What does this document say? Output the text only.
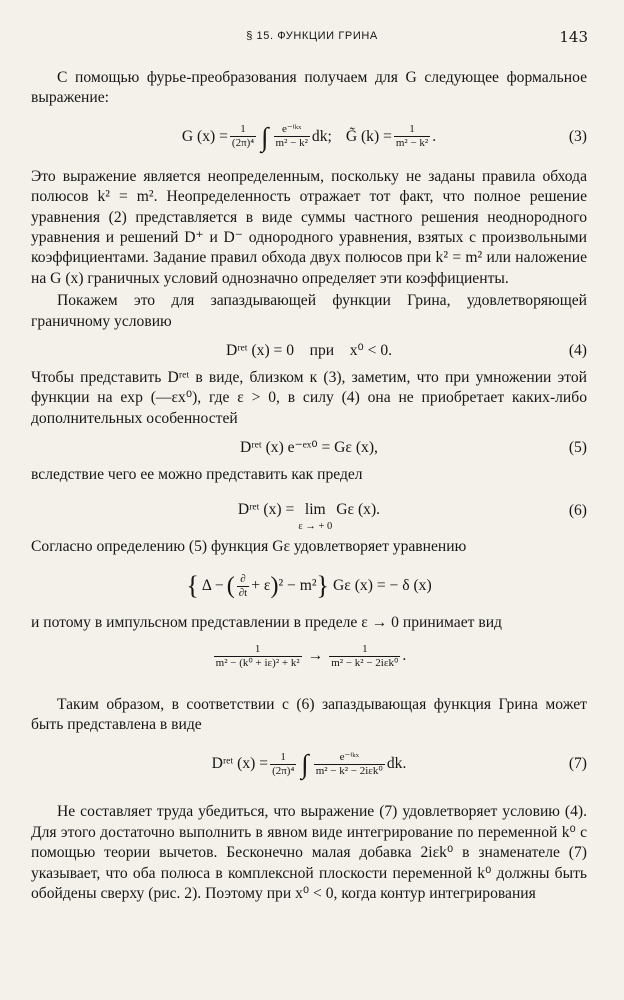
§ 15. ФУНКЦИИ ГРИНА	143

С помощью фурье-преобразования получаем для G следующее формальное выражение:

G $(x) = \frac{1}{\text{(2π)⁴}}$ ∫ $\frac{\text{e⁻ⁱᵏˣ}}{\text{m² − k²}}$ dk; G̃ $(k) = \frac{1}{\text{m² − k²}}$ .	(3)

Это выражение является неопределенным, поскольку не заданы правила обхода полюсов k² = m². Неопределенность отражает тот факт, что полное решение уравнения (2) представляется в виде суммы частного решения неоднородного уравнения и решений D⁺ и D⁻ однородного уравнения, взятых с произвольными коэффициентами. Задание правил обхода двух полюсов при k² = m² или наложение на G (x) граничных условий однозначно определяет эти коэффициенты.

Покажем это для запаздывающей функции Грина, удовлетворяющей граничному условию

Dʳᵉᵗ (x) = 0    при    x⁰ < 0.	(4)

Чтобы представить Dʳᵉᵗ в виде, близком к (3), заметим, что при умножении этой функции на exp (—εx⁰), где ε > 0, в силу (4) она не приобретает каких-либо дополнительных особенностей

Dʳᵉᵗ (x) e⁻ᵉˣ⁰ = Gε (x),	(5)

вследствие чего ее можно представить как предел

Dʳᵉᵗ (x) = lim
ε → + 0
Gε (x).	(6)

Согласно определению (5) функция Gε удовлетворяет уравнению

{ Δ − ( $\frac{\partial}{\partial t} + \varepsilon$ ) ² − m² } Gε (x) = − δ (x)

и потому в импульсном представлении в пределе ε → 0 принимает вид

$\frac{1}{\text{m² − (k⁰ + iε)² + k²}} \to \frac{1}{\text{m² − k² − 2iεk⁰}}$ .

Таким образом, в соответствии с (6) запаздывающая функция Грина может быть представлена в виде

Dʳᵉᵗ $(x) = \frac{1}{\text{(2π)⁴}}$ ∫ $\frac{\text{e⁻ⁱᵏˣ}}{\text{m² − k² − 2iεk⁰}}$ dk.	(7)

Не составляет труда убедиться, что выражение (7) удовлетворяет условию (4). Для этого достаточно выполнить в явном виде интегрирование по переменной k⁰ с помощью теории вычетов. Бесконечно малая добавка 2iεk⁰ в знаменателе (7) указывает, что оба полюса в комплексной плоскости переменной k⁰ должны быть обойдены сверху (рис. 2). Поэтому при x⁰ < 0, когда контур интегрирования
